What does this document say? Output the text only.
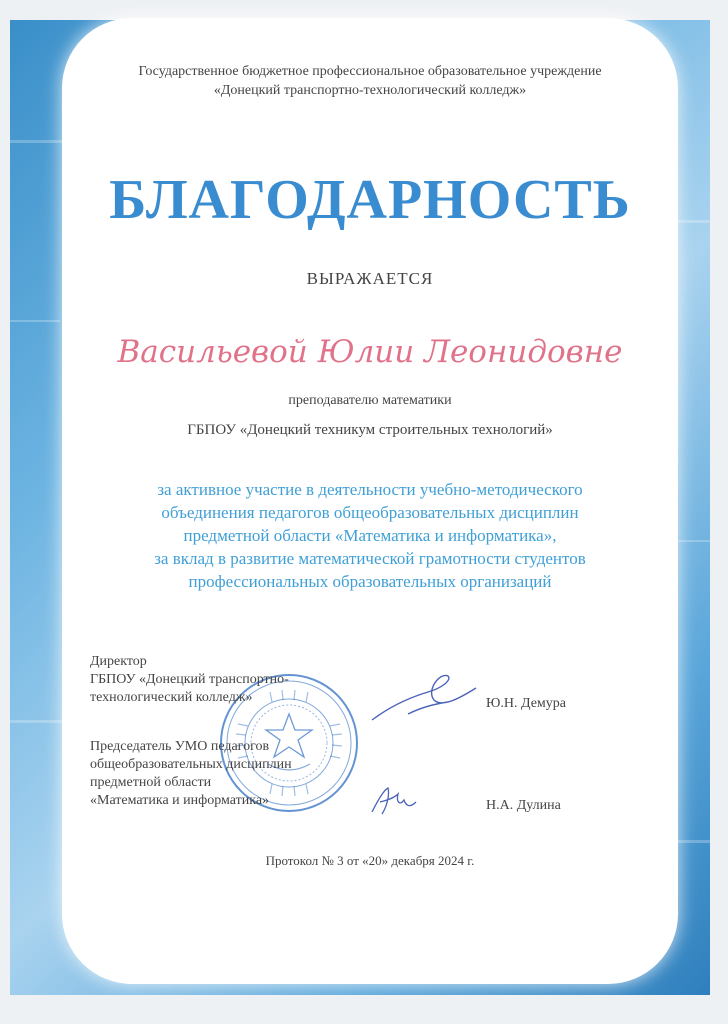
Государственное бюджетное профессиональное образовательное учреждение
«Донецкий транспортно-технологический колледж»
БЛАГОДАРНОСТЬ
ВЫРАЖАЕТСЯ
Васильевой Юлии Леонидовне
преподавателю математики
ГБПОУ «Донецкий техникум строительных технологий»
за активное участие в деятельности учебно-методического
объединения педагогов общеобразовательных дисциплин
предметной области «Математика и информатика»,
за вклад в развитие математической грамотности студентов
профессиональных образовательных организаций
Директор
ГБПОУ «Донецкий транспортно-
технологический колледж»	Ю.Н. Демура
Председатель УМО педагогов
общеобразовательных дисциплин
предметной области
«Математика и информатика»	Н.А. Дулина
Протокол № 3 от «20» декабря 2024 г.
